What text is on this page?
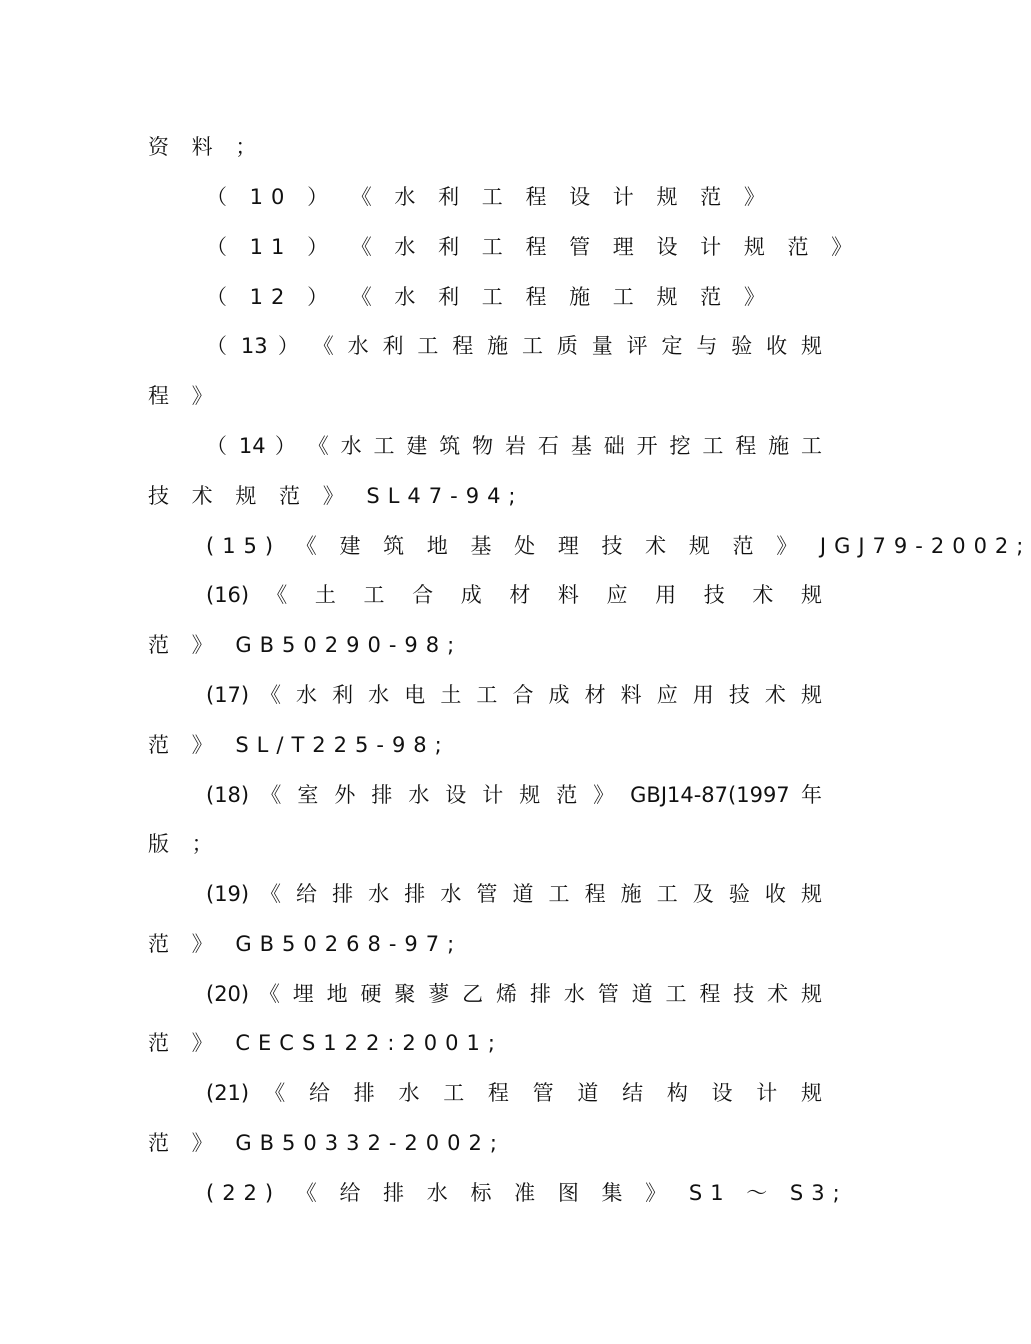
资 料 ；
（ 10 ） 《 水 利 工 程 设 计 规 范 》
（ 11 ） 《 水 利 工 程 管 理 设 计 规 范 》
（ 12 ） 《 水 利 工 程 施 工 规 范 》
（ 13 ） 《 水 利 工 程 施 工 质 量 评 定 与 验 收 规
程 》
（ 14 ） 《 水 工 建 筑 物 岩 石 基 础 开 挖 工 程 施 工
技 术 规 范 》 SL47-94;
(15) 《 建 筑 地 基 处 理 技 术 规 范 》 JGJ79-2002;
(16) 《 土 工 合 成 材 料 应 用 技 术 规
范 》 GB50290-98;
(17) 《 水 利 水 电 土 工 合 成 材 料 应 用 技 术 规
范 》 SL/T225-98;
(18) 《 室 外 排 水 设 计 规 范 》 GBJ14-87(1997 年
版 ；
(19) 《 给 排 水 排 水 管 道 工 程 施 工 及 验 收 规
范 》 GB50268-97;
(20) 《 埋 地 硬 聚 蓼 乙 烯 排 水 管 道 工 程 技 术 规
范 》 CECS122:2001;
(21) 《 给 排 水 工 程 管 道 结 构 设 计 规
范 》 GB50332-2002;
(22) 《 给 排 水 标 准 图 集 》 S1 ～ S3;
